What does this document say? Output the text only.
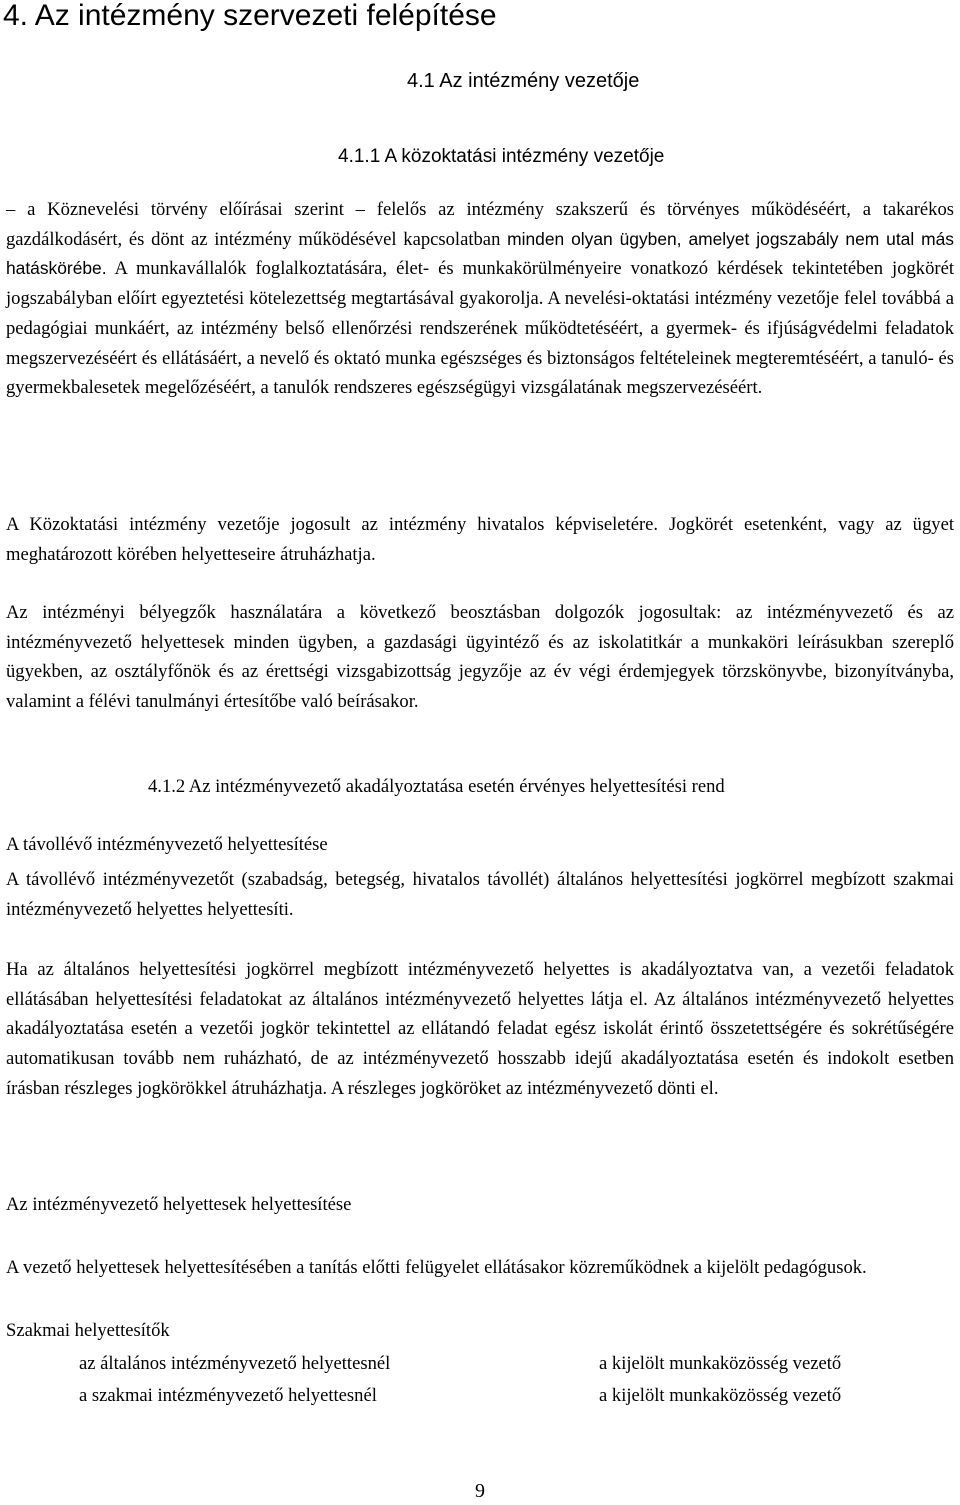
4. Az intézmény szervezeti felépítése
4.1 Az intézmény vezetője
4.1.1 A közoktatási intézmény vezetője

– a Köznevelési törvény előírásai szerint – felelős az intézmény szakszerű és törvényes működéséért, a takarékos gazdálkodásért, és dönt az intézmény működésével kapcsolatban minden olyan ügyben, amelyet jogszabály nem utal más hatáskörébe. A munkavállalók foglalkoztatására, élet- és munkakörülményeire vonatkozó kérdések tekintetében jogkörét jogszabályban előírt egyeztetési kötelezettség megtartásával gyakorolja. A nevelési-oktatási intézmény vezetője felel továbbá a pedagógiai munkáért, az intézmény belső ellenőrzési rendszerének működtetéséért, a gyermek- és ifjúságvédelmi feladatok megszervezéséért és ellátásáért, a nevelő és oktató munka egészséges és biztonságos feltételeinek megteremtéséért, a tanuló- és gyermekbalesetek megelőzéséért, a tanulók rendszeres egészségügyi vizsgálatának megszervezéséért.

A Közoktatási intézmény vezetője jogosult az intézmény hivatalos képviseletére. Jogkörét esetenként, vagy az ügyet meghatározott körében helyetteseire átruházhatja.

Az intézményi bélyegzők használatára a következő beosztásban dolgozók jogosultak: az intézményvezető és az intézményvezető helyettesek minden ügyben, a gazdasági ügyintéző és az iskolatitkár a munkaköri leírásukban szereplő ügyekben, az osztályfőnök és az érettségi vizsgabizottság jegyzője az év végi érdemjegyek törzskönyvbe, bizonyítványba, valamint a félévi tanulmányi értesítőbe való beírásakor.

4.1.2 Az intézményvezető akadályoztatása esetén érvényes helyettesítési rend
A távollévő intézményvezető helyettesítése

A távollévő intézményvezetőt (szabadság, betegség, hivatalos távollét) általános helyettesítési jogkörrel megbízott szakmai intézményvezető helyettes helyettesíti.

Ha az általános helyettesítési jogkörrel megbízott intézményvezető helyettes is akadályoztatva van, a vezetői feladatok ellátásában helyettesítési feladatokat az általános intézményvezető helyettes látja el. Az általános intézményvezető helyettes akadályoztatása esetén a vezetői jogkör tekintettel az ellátandó feladat egész iskolát érintő összetettségére és sokrétűségére automatikusan tovább nem ruházható, de az intézményvezető hosszabb idejű akadályoztatása esetén és indokolt esetben írásban részleges jogkörökkel átruházhatja. A részleges jogköröket az intézményvezető dönti el.

Az intézményvezető helyettesek helyettesítése

A vezető helyettesek helyettesítésében a tanítás előtti felügyelet ellátásakor közreműködnek a kijelölt pedagógusok.

Szakmai helyettesítők
az általános intézményvezető helyettesnél	a kijelölt munkaközösség vezető
a szakmai intézményvezető helyettesnél	a kijelölt munkaközösség vezető
9
